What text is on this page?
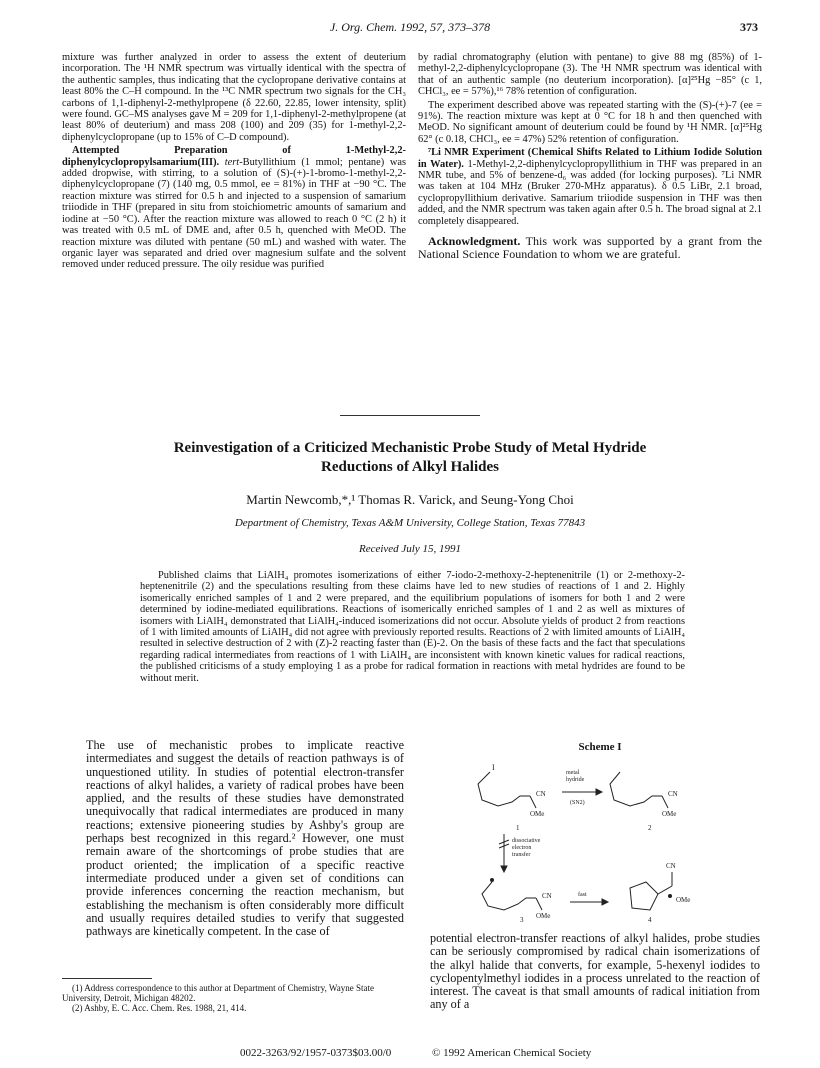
J. Org. Chem. 1992, 57, 373–378	373

mixture was further analyzed in order to assess the extent of deuterium incorporation. The ¹H NMR spectrum was virtually identical with the spectra of the authentic samples, thus indicating that the cyclopropane derivative contains at least 80% the C–H compound. In the ¹³C NMR spectrum two signals for the CH₃ carbons of 1,1-diphenyl-2-methylpropene (δ 22.60, 22.85, lower intensity, split) were found. GC–MS analyses gave M = 209 for 1,1-diphenyl-2-methylpropene (at least 80% of deuterium) and mass 208 (100) and 209 (35) for 1-methyl-2,2-diphenylcyclopropane (up to 15% of C–D compound).

Attempted Preparation of 1-Methyl-2,2-diphenylcyclopropylsamarium(III). tert-Butyllithium (1 mmol; pentane) was added dropwise, with stirring, to a solution of (S)-(+)-1-bromo-1-methyl-2,2-diphenylcyclopropane (7) (140 mg, 0.5 mmol, ee = 81%) in THF at −90 °C. The reaction mixture was stirred for 0.5 h and injected to a suspension of samarium triiodide in THF (prepared in situ from stoichiometric amounts of samarium and iodine at −50 °C). After the reaction mixture was allowed to reach 0 °C (2 h) it was treated with 0.5 mL of DME and, after 0.5 h, quenched with MeOD. The reaction mixture was diluted with pentane (50 mL) and washed with water. The organic layer was separated and dried over magnesium sulfate and the solvent removed under reduced pressure. The oily residue was purified

by radial chromatography (elution with pentane) to give 88 mg (85%) of 1-methyl-2,2-diphenylcyclopropane (3). The ¹H NMR spectrum was identical with that of an authentic sample (no deuterium incorporation). [α]²⁵Hg −85° (c 1, CHCl₃, ee = 57%),¹⁶ 78% retention of configuration.

The experiment described above was repeated starting with the (S)-(+)-7 (ee = 91%). The reaction mixture was kept at 0 °C for 18 h and then quenched with MeOD. No significant amount of deuterium could be found by ¹H NMR. [α]²⁵Hg 62° (c 0.18, CHCl₃, ee = 47%) 52% retention of configuration.

⁷Li NMR Experiment (Chemical Shifts Related to Lithium Iodide Solution in Water). 1-Methyl-2,2-diphenylcyclopropyllithium in THF was prepared in an NMR tube, and 5% of benzene-d₆ was added (for locking purposes). ⁷Li NMR was taken at 104 MHz (Bruker 270-MHz apparatus). δ 0.5 LiBr, 2.1 broad, cyclopropyllithium derivative. Samarium triiodide suspension in THF was then added, and the NMR spectrum was taken again after 0.5 h. The broad signal at 2.1 completely disappeared.

Acknowledgment. This work was supported by a grant from the National Science Foundation to whom we are grateful.

Reinvestigation of a Criticized Mechanistic Probe Study of Metal Hydride
Reductions of Alkyl Halides
Martin Newcomb,*,¹ Thomas R. Varick, and Seung-Yong Choi
Department of Chemistry, Texas A&M University, College Station, Texas 77843
Received July 15, 1991
Published claims that LiAlH₄ promotes isomerizations of either 7-iodo-2-methoxy-2-heptenenitrile (1) or 2-methoxy-2-heptenenitrile (2) and the speculations resulting from these claims have led to new studies of reactions of 1 and 2. Highly isomerically enriched samples of 1 and 2 were prepared, and the equilibrium populations of isomers for both 1 and 2 were determined by iodine-mediated equilibrations. Reactions of isomerically enriched samples of 1 and 2 as well as mixtures of isomers with LiAlH₄ demonstrated that LiAlH₄-induced isomerizations did not occur. Absolute yields of product 2 from reactions of 1 with limited amounts of LiAlH₄ did not agree with previously reported results. Reactions of 2 with limited amounts of LiAlH₄ resulted in selective destruction of 2 with (Z)-2 reacting faster than (E)-2. On the basis of these facts and the fact that speculations regarding radical intermediates from reactions of 1 with LiAlH₄ are inconsistent with known kinetic values for radical reactions, the published criticisms of a study employing 1 as a probe for radical formation in reactions with metal hydrides are found to be without merit.

The use of mechanistic probes to implicate reactive intermediates and suggest the details of reaction pathways is of unquestioned utility. In studies of potential electron-transfer reactions of alkyl halides, a variety of radical probes have been applied, and the results of these studies have demonstrated unequivocally that radical intermediates are produced in many reactions; extensive pioneering studies by Ashby's group are perhaps best recognized in this regard.² However, one must remain aware of the shortcomings of probe studies that are product oriented; the implication of a specific reactive intermediate produced under a given set of conditions can provide inferences concerning the reaction mechanism, but establishing the mechanism is often considerably more difficult and usually requires detailed studies to verify that suggested pathways are kinetically competent. In the case of

Scheme I
I
CN
OMe
1
metal
hydride
(SN2)
CN
OMe
2
dissociative
electron
transfer
CN
OMe
3
fast
CN
OMe
4

potential electron-transfer reactions of alkyl halides, probe studies can be seriously compromised by radical chain isomerizations of the alkyl halide that converts, for example, 5-hexenyl iodides to cyclopentylmethyl iodides in a process unrelated to the reaction of interest. The caveat is that small amounts of radical initiation from any of a

(1) Address correspondence to this author at Department of Chemistry, Wayne State University, Detroit, Michigan 48202.

(2) Ashby, E. C. Acc. Chem. Res. 1988, 21, 414.

0022-3263/92/1957-0373$03.00/0	© 1992 American Chemical Society
